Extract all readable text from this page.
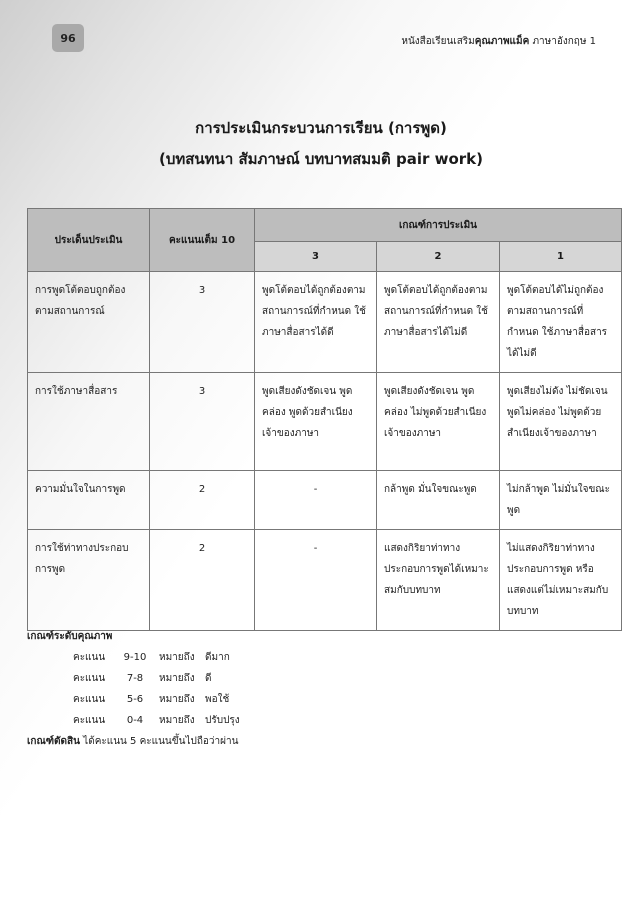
96	หนังสือเรียนเสริมคุณภาพแม็ค ภาษาอังกฤษ 1
การประเมินกระบวนการเรียน (การพูด)
(บทสนทนา สัมภาษณ์ บทบาทสมมติ pair work)
ประเด็นประเมิน	คะแนนเต็ม 10	เกณฑ์การประเมิน		
		3	2	1
การพูดโต้ตอบถูกต้องตามสถานการณ์	3	พูดโต้ตอบได้ถูกต้องตามสถานการณ์ที่กำหนด ใช้ภาษาสื่อสารได้ดี	พูดโต้ตอบได้ถูกต้องตามสถานการณ์ที่กำหนด ใช้ภาษาสื่อสารได้ไม่ดี	พูดโต้ตอบได้ไม่ถูกต้องตามสถานการณ์ที่กำหนด ใช้ภาษาสื่อสารได้ไม่ดี
การใช้ภาษาสื่อสาร	3	พูดเสียงดังชัดเจน พูดคล่อง พูดด้วยสำเนียงเจ้าของภาษา	พูดเสียงดังชัดเจน พูดคล่อง ไม่พูดด้วยสำเนียงเจ้าของภาษา	พูดเสียงไม่ดัง ไม่ชัดเจน พูดไม่คล่อง ไม่พูดด้วยสำเนียงเจ้าของภาษา
ความมั่นใจในการพูด	2	-	กล้าพูด มั่นใจขณะพูด	ไม่กล้าพูด ไม่มั่นใจขณะพูด
การใช้ท่าทางประกอบการพูด	2	-	แสดงกิริยาท่าทางประกอบการพูดได้เหมาะสมกับบทบาท	ไม่แสดงกิริยาท่าทางประกอบการพูด หรือแสดงแต่ไม่เหมาะสมกับบทบาท
เกณฑ์ระดับคุณภาพ
คะแนน	9-10	หมายถึง	ดีมาก
คะแนน	7-8	หมายถึง	ดี
คะแนน	5-6	หมายถึง	พอใช้
คะแนน	0-4	หมายถึง	ปรับปรุง
เกณฑ์ตัดสิน ได้คะแนน 5 คะแนนขึ้นไปถือว่าผ่าน
